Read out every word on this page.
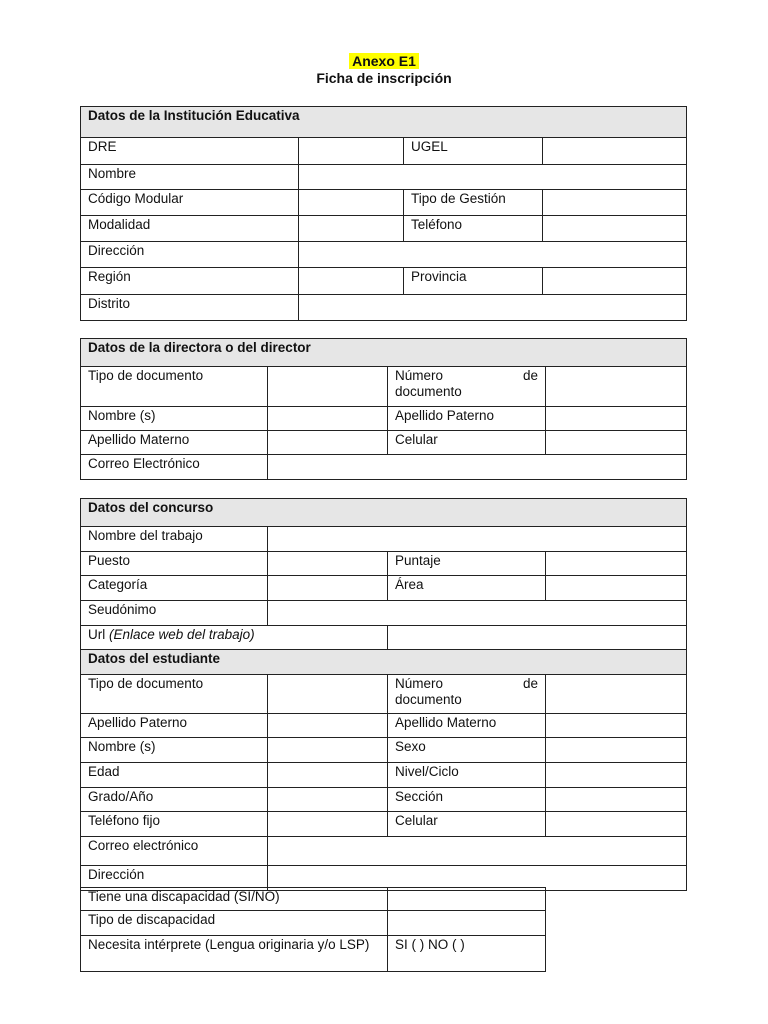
Anexo E1
Ficha de inscripción
Datos de la Institución Educativa			
DRE		UGEL	
Nombre			
Código Modular		Tipo de Gestión	
Modalidad		Teléfono	
Dirección			
Región		Provincia	
Distrito			
Datos de la directora o del director			
Tipo de documento		Número de
documento	

Nombre (s)		Apellido Paterno	
Apellido Materno		Celular	
Correo Electrónico			
Datos del concurso			
Nombre del trabajo			
Puesto		Puntaje	
Categoría		Área	
Seudónimo			
Url (Enlace web del trabajo)			
Datos del estudiante			
Tipo de documento		Número de
documento	

Apellido Paterno		Apellido Materno	
Nombre (s)		Sexo	
Edad		Nivel/Ciclo	
Grado/Año		Sección	
Teléfono fijo		Celular	
Correo electrónico			
Dirección			
Tiene una discapacidad (SI/NO)	
Tipo de discapacidad	
Necesita intérprete (Lengua originaria y/o LSP)	SI ( ) NO ( )
